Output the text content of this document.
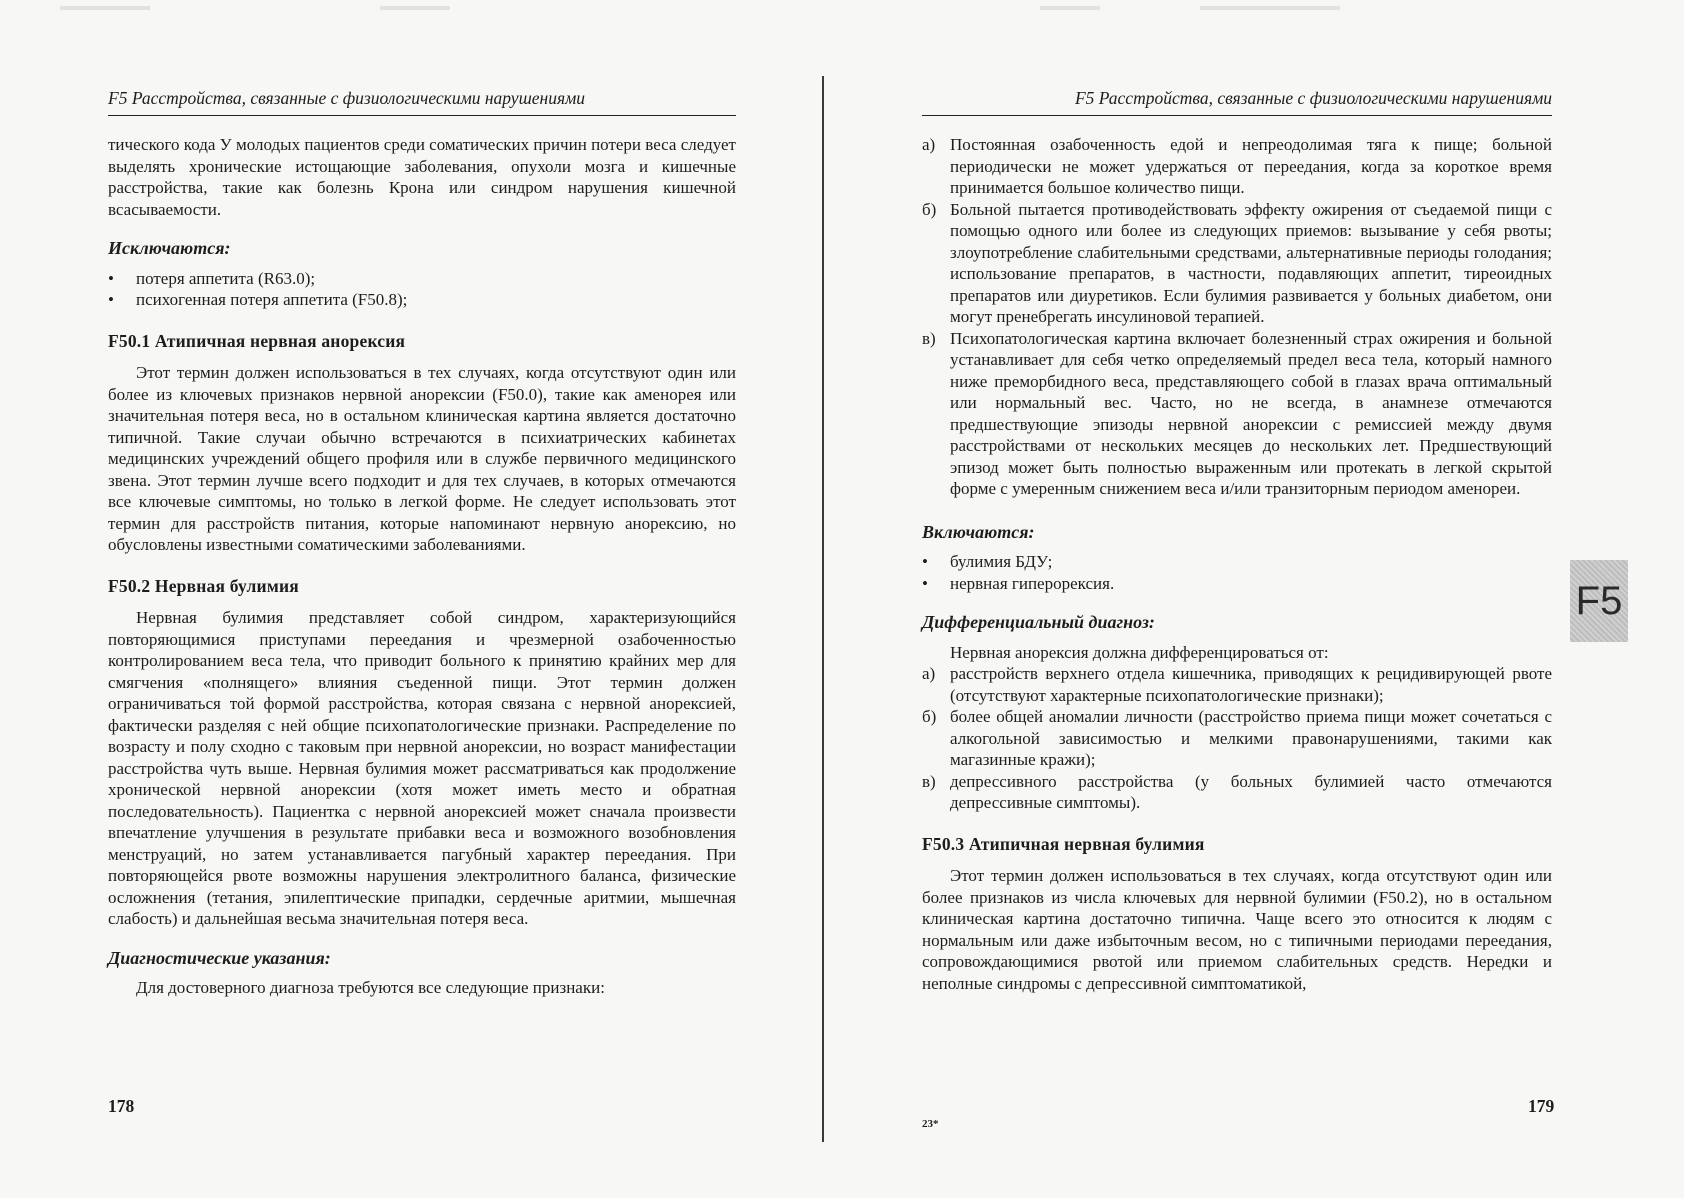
F5 Расстройства, связанные с физиологическими нарушениями

тического кода У молодых пациентов среди соматических причин потери веса следует выделять хронические истощающие заболевания, опухоли мозга и кишечные расстройства, такие как болезнь Крона или синдром нарушения кишечной всасываемости.

Исключаются:
• потеря аппетита (R63.0);
• психогенная потеря аппетита (F50.8);
F50.1 Атипичная нервная анорексия

Этот термин должен использоваться в тех случаях, когда отсутствуют один или более из ключевых признаков нервной анорексии (F50.0), такие как аменорея или значительная потеря веса, но в остальном клиническая картина является достаточно типичной. Такие случаи обычно встречаются в психиатрических кабинетах медицинских учреждений общего профиля или в службе первичного медицинского звена. Этот термин лучше всего подходит и для тех случаев, в которых отмечаются все ключевые симптомы, но только в легкой форме. Не следует использовать этот термин для расстройств питания, которые напоминают нервную анорексию, но обусловлены известными соматическими заболеваниями.

F50.2 Нервная булимия

Нервная булимия представляет собой синдром, характеризующийся повторяющимися приступами переедания и чрезмерной озабоченностью контролированием веса тела, что приводит больного к принятию крайних мер для смягчения «полнящего» влияния съеденной пищи. Этот термин должен ограничиваться той формой расстройства, которая связана с нервной анорексией, фактически разделяя с ней общие психопатологические признаки. Распределение по возрасту и полу сходно с таковым при нервной анорексии, но возраст манифестации расстройства чуть выше. Нервная булимия может рассматриваться как продолжение хронической нервной анорексии (хотя может иметь место и обратная последовательность). Пациентка с нервной анорексией может сначала произвести впечатление улучшения в результате прибавки веса и возможного возобновления менструаций, но затем устанавливается пагубный характер переедания. При повторяющейся рвоте возможны нарушения электролитного баланса, физические осложнения (тетания, эпилептические припадки, сердечные аритмии, мышечная слабость) и дальнейшая весьма значительная потеря веса.

Диагностические указания:

Для достоверного диагноза требуются все следующие признаки:

178
F5 Расстройства, связанные с физиологическими нарушениями
а) Постоянная озабоченность едой и непреодолимая тяга к пище; больной периодически не может удержаться от переедания, когда за короткое время принимается большое количество пищи.
б) Больной пытается противодействовать эффекту ожирения от съедаемой пищи с помощью одного или более из следующих приемов: вызывание у себя рвоты; злоупотребление слабительными средствами, альтернативные периоды голодания; использование препаратов, в частности, подавляющих аппетит, тиреоидных препаратов или диуретиков. Если булимия развивается у больных диабетом, они могут пренебрегать инсулиновой терапией.
в) Психопатологическая картина включает болезненный страх ожирения и больной устанавливает для себя четко определяемый предел веса тела, который намного ниже преморбидного веса, представляющего собой в глазах врача оптимальный или нормальный вес. Часто, но не всегда, в анамнезе отмечаются предшествующие эпизоды нервной анорексии с ремиссией между двумя расстройствами от нескольких месяцев до нескольких лет. Предшествующий эпизод может быть полностью выраженным или протекать в легкой скрытой форме с умеренным снижением веса и/или транзиторным периодом аменореи.
Включаются:
• булимия БДУ;
• нервная гиперорексия.
Дифференциальный диагноз:

Нервная анорексия должна дифференцироваться от:

а) расстройств верхнего отдела кишечника, приводящих к рецидивирующей рвоте (отсутствуют характерные психопатологические признаки);
б) более общей аномалии личности (расстройство приема пищи может сочетаться с алкогольной зависимостью и мелкими правонарушениями, такими как магазинные кражи);
в) депрессивного расстройства (у больных булимией часто отмечаются депрессивные симптомы).
F50.3 Атипичная нервная булимия

Этот термин должен использоваться в тех случаях, когда отсутствуют один или более признаков из числа ключевых для нервной булимии (F50.2), но в остальном клиническая картина достаточно типична. Чаще всего это относится к людям с нормальным или даже избыточным весом, но с типичными периодами переедания, сопровождающимися рвотой или приемом слабительных средств. Нередки и неполные синдромы с депрессивной симптоматикой,

23*
179
F5
